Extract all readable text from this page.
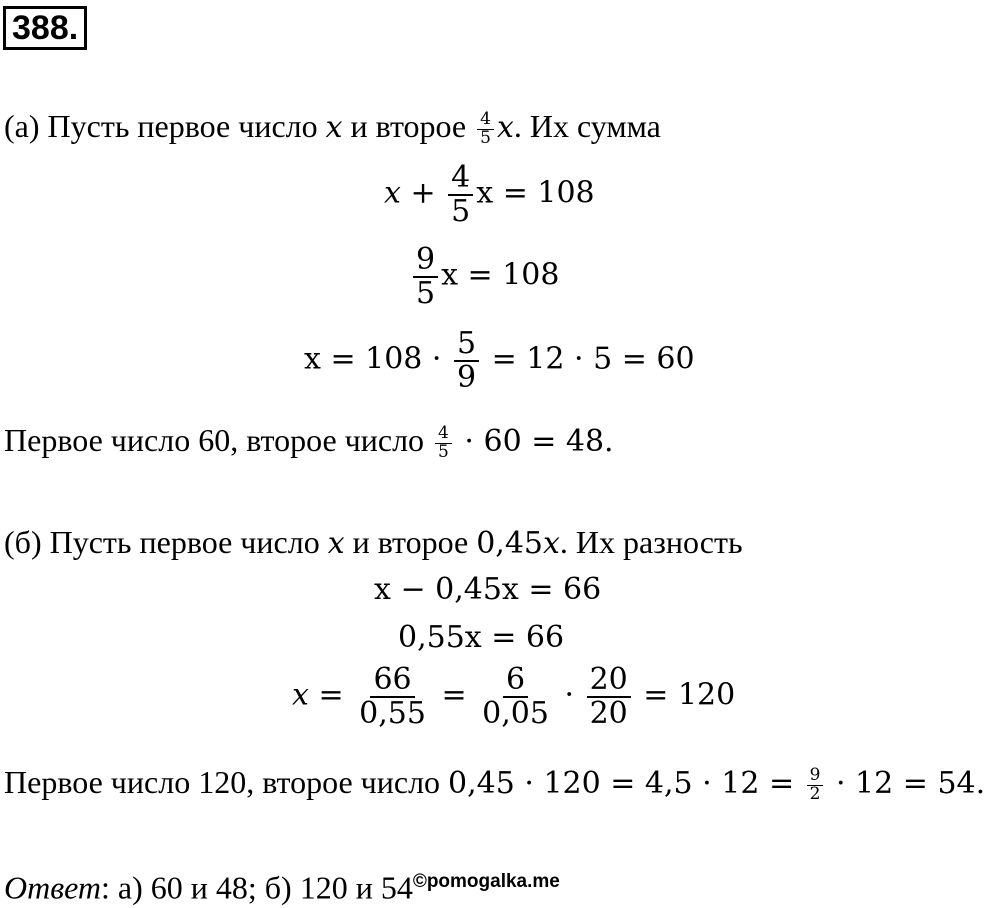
388.
(а) Пусть первое число x и второе $\frac{4}{5} x$. Их сумма
$x + \frac{4}{5}$ x = 108
$\frac{9}{5}$ x = 108
$x = 108 \cdot \frac{5}{9} = 12 \cdot 5 = 60$
Первое число 60, второе число $\frac{4}{5} \cdot 60 = 48$.
(б) Пусть первое число x и второе 0,45x. Их разность
x − 0,45x = 66
0,55x = 66
$x = \frac{66}{0,55} = \frac{6}{0,05} \cdot \frac{20}{20} = 120$
Первое число 120, второе число $0,45 \cdot 120 = 4,5 \cdot 12 = \frac{9}{2} \cdot 12 = 54$.
Ответ: а) 60 и 48; б) 120 и $54^{©pomogalka.me}$
